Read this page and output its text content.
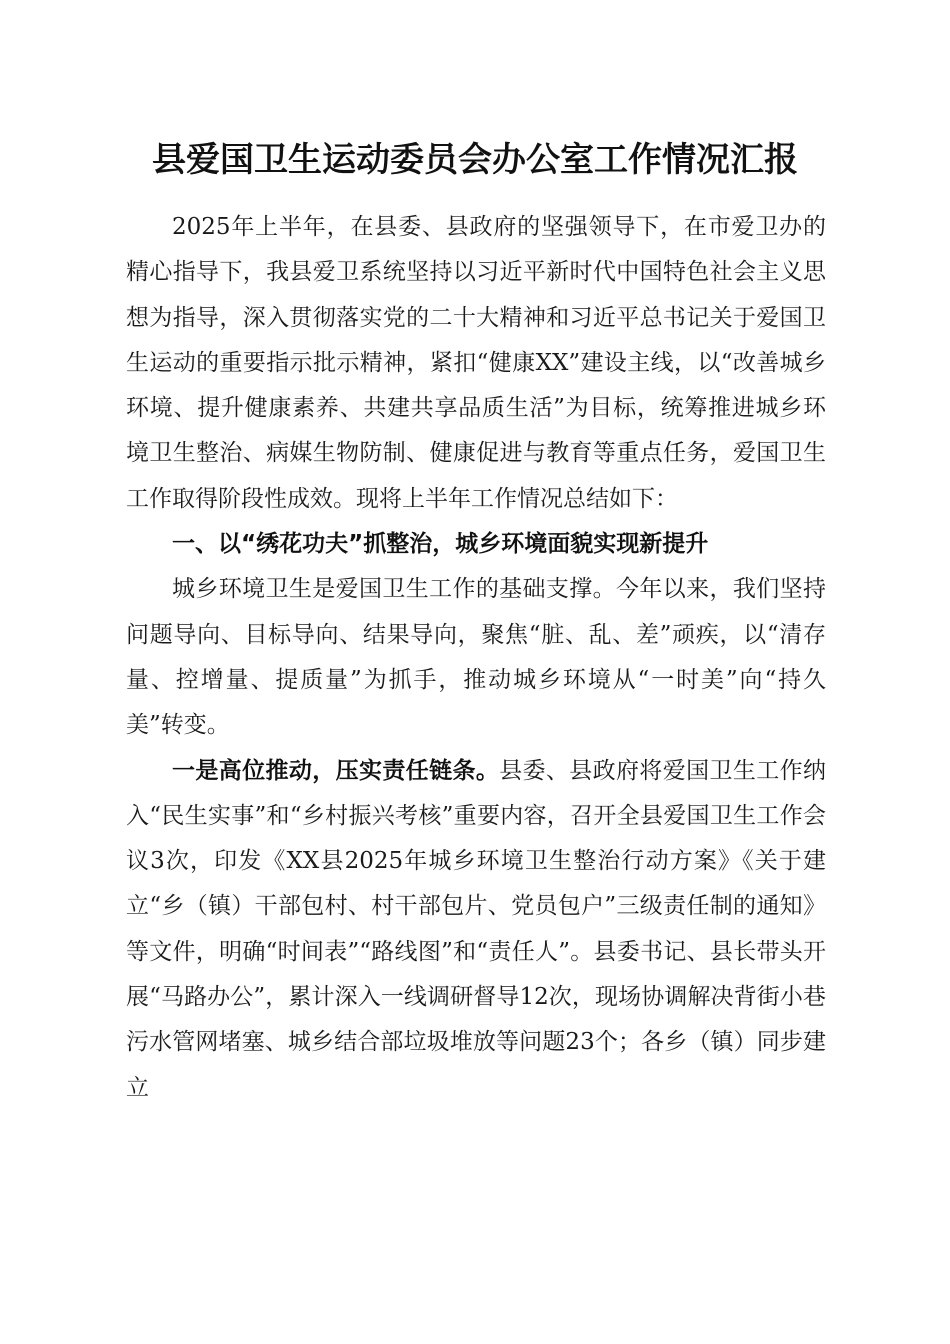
县爱国卫生运动委员会办公室工作情况汇报

2025年上半年，在县委、县政府的坚强领导下，在市爱卫办的精心指导下，我县爱卫系统坚持以习近平新时代中国特色社会主义思想为指导，深入贯彻落实党的二十大精神和习近平总书记关于爱国卫生运动的重要指示批示精神，紧扣“健康XX”建设主线，以“改善城乡环境、提升健康素养、共建共享品质生活”为目标，统筹推进城乡环境卫生整治、病媒生物防制、健康促进与教育等重点任务，爱国卫生工作取得阶段性成效。现将上半年工作情况总结如下：

一、以“绣花功夫”抓整治，城乡环境面貌实现新提升

城乡环境卫生是爱国卫生工作的基础支撑。今年以来，我们坚持问题导向、目标导向、结果导向，聚焦“脏、乱、差”顽疾，以“清存量、控增量、提质量”为抓手，推动城乡环境从“一时美”向“持久美”转变。

一是高位推动，压实责任链条。县委、县政府将爱国卫生工作纳入“民生实事”和“乡村振兴考核”重要内容，召开全县爱国卫生工作会议3次，印发《XX县2025年城乡环境卫生整治行动方案》《关于建立“乡（镇）干部包村、村干部包片、党员包户”三级责任制的通知》等文件，明确“时间表”“路线图”和“责任人”。县委书记、县长带头开展“马路办公”，累计深入一线调研督导12次，现场协调解决背街小巷污水管网堵塞、城乡结合部垃圾堆放等问题23个；各乡（镇）同步建立
